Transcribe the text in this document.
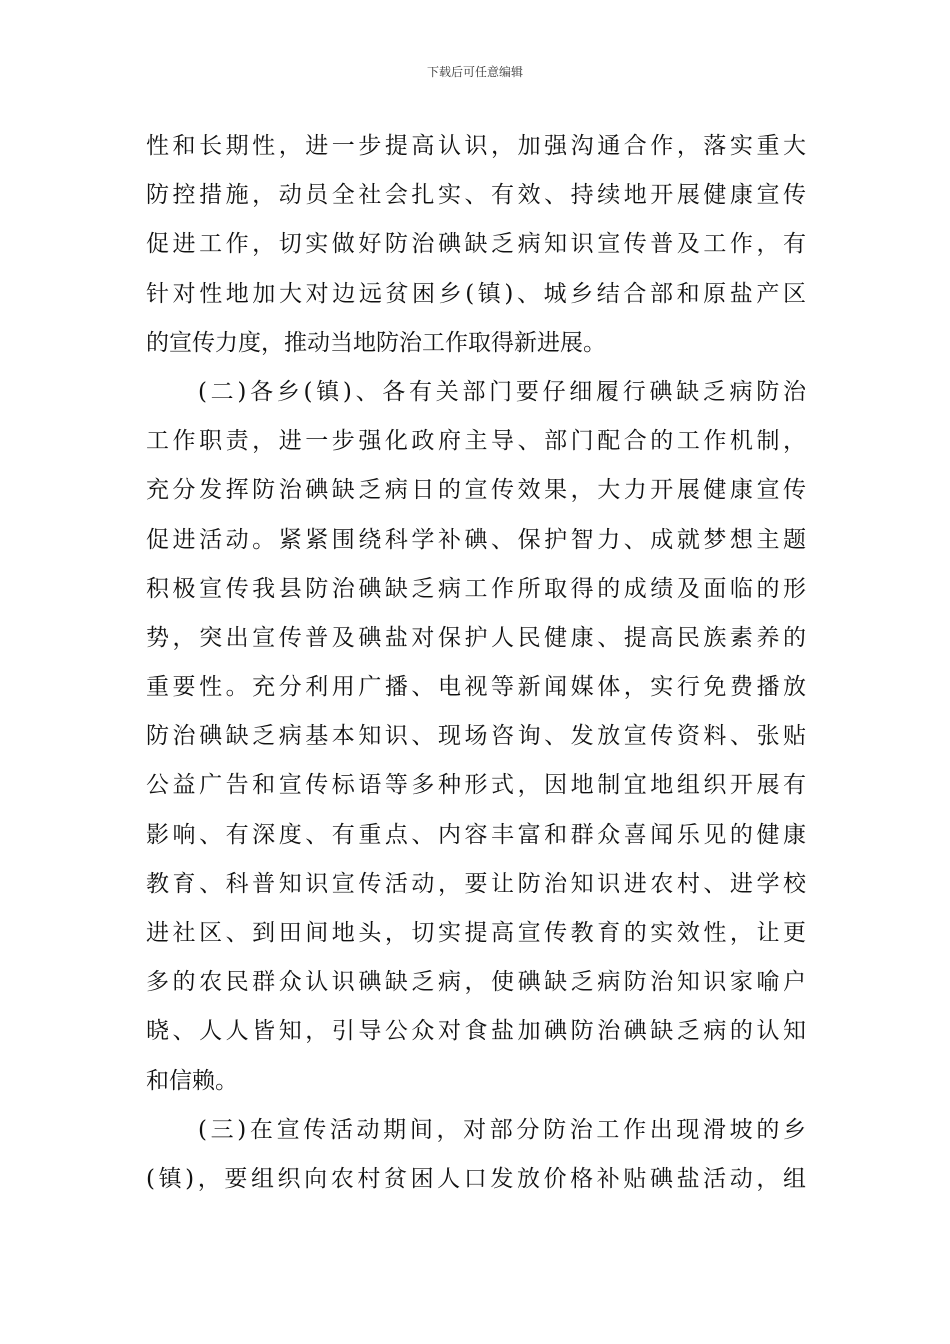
下载后可任意编辑
性和长期性，进一步提高认识，加强沟通合作，落实重大
防控措施，动员全社会扎实、有效、持续地开展健康宣传
促进工作，切实做好防治碘缺乏病知识宣传普及工作，有
针对性地加大对边远贫困乡(镇)、城乡结合部和原盐产区
的宣传力度，推动当地防治工作取得新进展。
(二)各乡(镇)、各有关部门要仔细履行碘缺乏病防治
工作职责，进一步强化政府主导、部门配合的工作机制，
充分发挥防治碘缺乏病日的宣传效果，大力开展健康宣传
促进活动。紧紧围绕科学补碘、保护智力、成就梦想主题
积极宣传我县防治碘缺乏病工作所取得的成绩及面临的形
势，突出宣传普及碘盐对保护人民健康、提高民族素养的
重要性。充分利用广播、电视等新闻媒体，实行免费播放
防治碘缺乏病基本知识、现场咨询、发放宣传资料、张贴
公益广告和宣传标语等多种形式，因地制宜地组织开展有
影响、有深度、有重点、内容丰富和群众喜闻乐见的健康
教育、科普知识宣传活动，要让防治知识进农村、进学校
进社区、到田间地头，切实提高宣传教育的实效性，让更
多的农民群众认识碘缺乏病，使碘缺乏病防治知识家喻户
晓、人人皆知，引导公众对食盐加碘防治碘缺乏病的认知
和信赖。
(三)在宣传活动期间，对部分防治工作出现滑坡的乡
(镇)，要组织向农村贫困人口发放价格补贴碘盐活动，组
